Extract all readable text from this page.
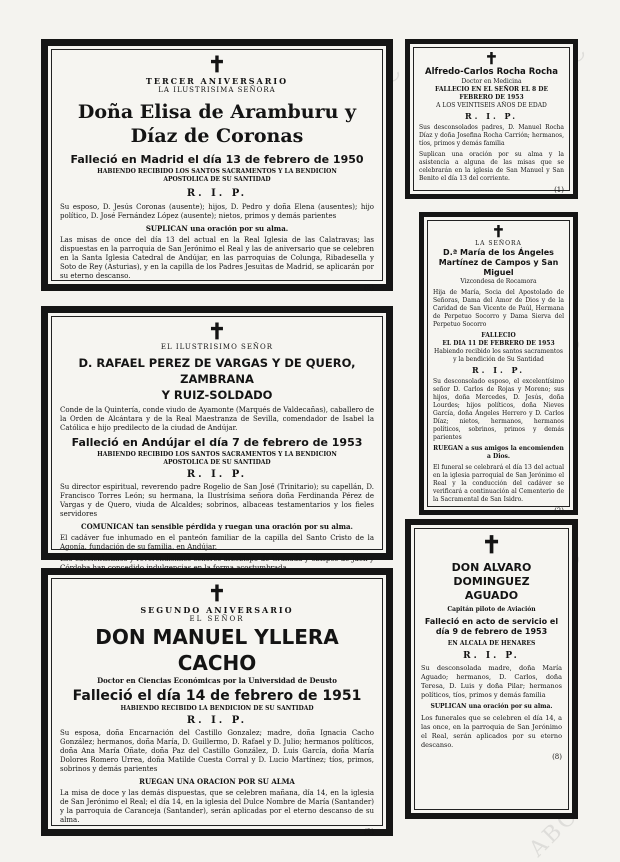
ABC
✝
TERCER ANIVERSARIO
LA ILUSTRISIMA SEÑORA
Doña Elisa de Aramburu y Díaz de Coronas
Falleció en Madrid el día 13 de febrero de 1950
HABIENDO RECIBIDO LOS SANTOS SACRAMENTOS Y LA BENDICION APOSTOLICA DE SU SANTIDAD
R. I. P.
Su esposo, D. Jesús Coronas (ausente); hijos, D. Pedro y doña Elena (ausentes); hijo político, D. José Fernández López (ausente); nietos, primos y demás parientes
SUPLICAN una oración por su alma.
Las misas de once del día 13 del actual en la Real Iglesia de las Calatravas; las dispuestas en la parroquia de San Jerónimo el Real y las de aniversario que se celebren en la Santa Iglesia Catedral de Andújar, en las parroquias de Colunga, Ribadesella y Soto de Rey (Asturias), y en la capilla de los Padres Jesuitas de Madrid, se aplicarán por su eterno descanso.
(5)
✝
EL ILUSTRISIMO SEÑOR
D. RAFAEL PEREZ DE VARGAS Y DE QUERO, ZAMBRANA
Y RUIZ-SOLDADO
Conde de la Quintería, conde viudo de Ayamonte (Marqués de Valdecañas), caballero de la Orden de Alcántara y de la Real Maestranza de Sevilla, comendador de Isabel la Católica e hijo predilecto de la ciudad de Andújar.
Falleció en Andújar el día 7 de febrero de 1953
HABIENDO RECIBIDO LOS SANTOS SACRAMENTOS Y LA BENDICION APOSTOLICA DE SU SANTIDAD
R. I. P.
Su director espiritual, reverendo padre Rogelio de San José (Trinitario); su capellán, D. Francisco Torres León; su hermana, la Ilustrísima señora doña Ferdinanda Pérez de Vargas y de Quero, viuda de Alcaldes; sobrinos, albaceas testamentarios y los fieles servidores
COMUNICAN tan sensible pérdida y ruegan una oración por su alma.
El cadáver fue inhumado en el panteón familiar de la capilla del Santo Cristo de la Agonía, fundación de su familia, en Andújar.
Los excelentísimos y reverendísimos señores arzobispo de Granada y obispos de Jaén y
✝
SEGUNDO ANIVERSARIO
EL SEÑOR
DON MANUEL YLLERA CACHO
Doctor en Ciencias Económicas por la Universidad de Deusto
Falleció el día 14 de febrero de 1951
HABIENDO RECIBIDO LA BENDICION DE SU SANTIDAD
R. I. P.
Su esposa, doña Encarnación del Castillo Gonzalez; madre, doña Ignacia Cacho González; hermanos, doña María, D. Guillermo, D. Rafael y D. Julio; hermanos políticos, doña Ana María Oñate, doña Paz del Castillo González, D. Luis García, doña María Dolores Romero Urrea, doña Matilde Cuesta Corral y D. Lucio Martínez; tíos, primos, sobrinos y demás parientes
RUEGAN UNA ORACION POR SU ALMA
La misa de doce y las demás dispuestas, que se celebren mañana, día 14, en la iglesia de San Jerónimo el Real; el día 14, en la iglesia del Dulce Nombre de María (Santander) y la parroquia de Caranceja (Santander), serán aplicadas por el eterno descanso de su alma.
(2)
✝
Alfredo-Carlos Rocha Rocha
Doctor en Medicina
FALLECIO EN EL SEÑOR EL 8 DE FEBRERO DE 1953
A LOS VEINTISEIS AÑOS DE EDAD
R. I. P.
Sus desconsolados padres, D. Manuel Rocha Díaz y doña Josefina Rocha Carrión; hermanos, tíos, primos y demás familia
Suplican una oración por su alma y la asistencia a alguna de las misas que se celebrarán en la iglesia de San Manuel y San Benito el día 13 del corriente.
(1)
✝
LA SEÑORA
D.ª María de los Ángeles Martínez de Campos y San Miguel
Vizcondesa de Rocamora
Hija de María, Socia del Apostolado de Señoras, Dama del Amor de Dios y de la Caridad de San Vicente de Paúl, Hermana de Perpetuo Socorro y Dama Sierva del Perpetuo Socorro
FALLECIO
EL DIA 11 DE FEBRERO DE 1953
Habiendo recibido los santos sacramentos y la bendición de Su Santidad
R. I. P.
Su desconsolado esposo, el excelentísimo señor D. Carlos de Rojas y Moreno; sus hijos, doña Mercedes, D. Jesús, doña Lourdes; hijos políticos, doña Nieves García, doña Ángeles Herrero y D. Carlos Díaz; nietos, hermanos, hermanos políticos, sobrinos, primos y demás parientes
RUEGAN a sus amigos la encomienden a Dios.
El funeral se celebrará el día 13 del actual en la iglesia parroquial de San Jerónimo el Real y la conducción del cadáver se verificará a continuación al Cementerio de la Sacramental de San Isidro.
(2)
✝
DON ALVARO DOMINGUEZ
AGUADO
Capitán piloto de Aviación
Falleció en acto de servicio el día 9 de febrero de 1953
EN ALCALA DE HENARES
R. I. P.
Su desconsolada madre, doña María Aguado; hermanos, D. Carlos, doña Teresa, D. Luis y doña Pilar; hermanos políticos, tíos, primos y demás familia
SUPLICAN una oración por su alma.
Los funerales que se celebren el día 14, a las once, en la parroquia de San Jerónimo el Real, serán aplicados por su eterno descanso.
(8)
